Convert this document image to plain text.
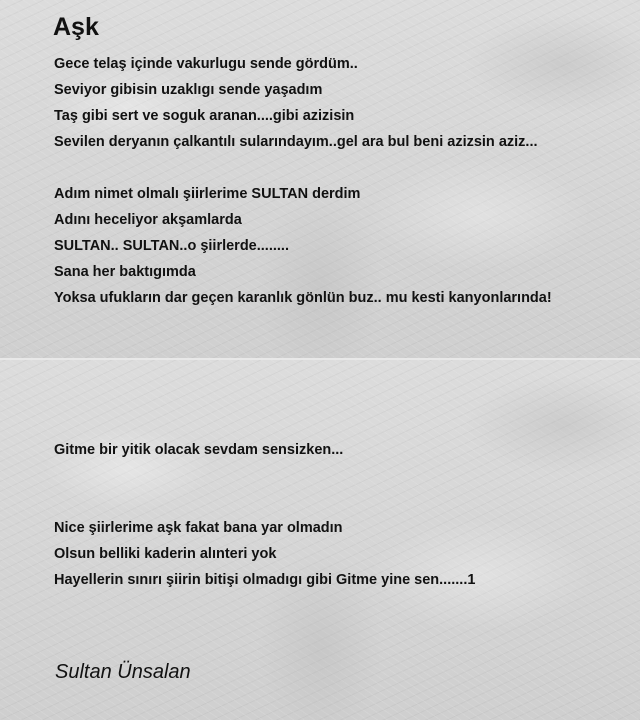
Aşk

Gece telaş içinde vakurlugu sende gördüm..

Seviyor gibisin uzaklıgı sende yaşadım

Taş gibi sert ve soguk aranan....gibi azizisin

Sevilen deryanın çalkantılı sularındayım..gel ara bul beni azizsin aziz...

Adım nimet olmalı şiirlerime SULTAN derdim

Adını heceliyor akşamlarda

SULTAN.. SULTAN..o şiirlerde........

Sana her baktıgımda

Yoksa ufukların dar geçen karanlık gönlün buz.. mu kesti kanyonlarında!

Gitme bir yitik olacak sevdam sensizken...

Nice şiirlerime aşk fakat bana yar olmadın

Olsun belliki kaderin alınteri yok

Hayellerin sınırı şiirin bitişi olmadıgı gibi Gitme yine sen.......1

Sultan Ünsalan
